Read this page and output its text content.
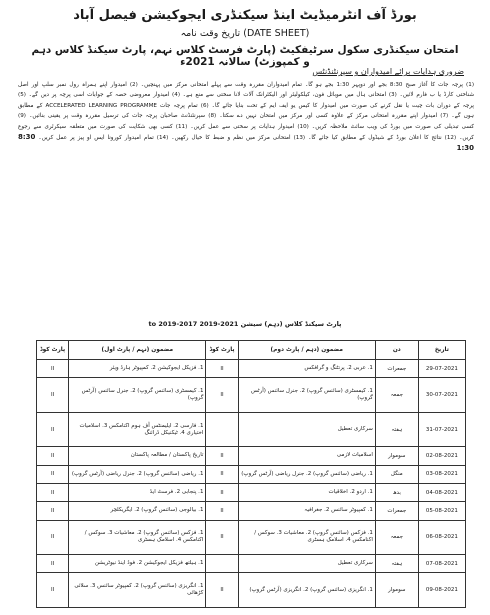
بورڈ آف انٹرمیڈیٹ اینڈ سیکنڈری ایجوکیشن فیصل آباد
(DATE SHEET) تاریخ وقت نامہ
امتحان سیکنڈری سکول سرٹیفکیٹ (پارٹ فرسٹ کلاس نہم، پارٹ سیکنڈ کلاس دہم و کمپوزٹ) سالانہ 2021ء
ضروری ہدایات برائے امیدواران و سپرنٹنڈنٹس
(1) پرچہ جات کا آغاز صبح 8:30 بجے اور دوپہر 1:30 بجے ہو گا۔ تمام امیدواران مقررہ وقت سے پہلے امتحانی مرکز میں پہنچیں۔ (2) امیدوار اپنے ہمراہ رول نمبر سلپ اور اصل شناختی کارڈ یا ب فارم لائیں۔ (3) امتحانی ہال میں موبائل فون، کیلکولیٹر اور الیکٹرانک آلات لانا سختی سے منع ہے۔ (4) امیدوار معروضی حصہ کے جوابات اسی پرچہ پر دیں گے۔ (5) پرچہ کے دوران بات چیت یا نقل کرنے کی صورت میں امیدوار کا کیس یو ایف ایم کے تحت بنایا جائے گا۔ (6) تمام پرچہ جات ACCELERATED LEARNING PROGRAMME کے مطابق ہوں گے۔ (7) امیدوار اپنے مقررہ امتحانی مرکز کے علاوہ کسی اور مرکز میں امتحان نہیں دے سکتا۔ (8) سپرنٹنڈنٹ صاحبان پرچہ جات کی ترسیل مقررہ وقت پر یقینی بنائیں۔ (9) کسی تبدیلی کی صورت میں بورڈ کی ویب سائٹ ملاحظہ کریں۔ (10) امیدوار ہدایات پر سختی سے عمل کریں۔ (11) کسی بھی شکایت کی صورت میں متعلقہ سیکرٹری سے رجوع کریں۔ (12) نتائج کا اعلان بورڈ کے شیڈول کے مطابق کیا جائے گا۔ (13) امتحانی مرکز میں نظم و ضبط کا خیال رکھیں۔ (14) تمام امیدوار کورونا ایس او پیز پر عمل کریں۔ 8:30 1:30
پارٹ سیکنڈ کلاس (دہم) سیشن 2021-2019 to 2019-2017
پارٹ کوڈ	مضمون (نہم / پارٹ اول)	پارٹ کوڈ	مضمون (دہم / پارٹ دوم)	دن	تاریخ
II	1. فزیکل ایجوکیشن 2. کمپیوٹر ہارڈ ویئر	II	1. عربی 2. پرنٹنگ و گرافکس	جمعرات	29-07-2021
II	1. کیمسٹری (سائنس گروپ) 2. جنرل سائنس (آرٹس گروپ)	II	1. کیمسٹری (سائنس گروپ) 2. جنرل سائنس (آرٹس گروپ)	جمعہ	30-07-2021
II	1. فارسی 2. ایلیمنٹس آف ہوم اکنامکس 3. اسلامیات اختیاری 4. ٹیکنیکل ڈرائنگ		سرکاری تعطیل	ہفتہ	31-07-2021
II	تاریخ پاکستان / مطالعہ پاکستان	II	اسلامیات لازمی	سوموار	02-08-2021
II	1. ریاضی (سائنس گروپ) 2. جنرل ریاضی (آرٹس گروپ)	II	1. ریاضی (سائنس گروپ) 2. جنرل ریاضی (آرٹس گروپ)	منگل	03-08-2021
II	1. پنجابی 2. فرسٹ ایڈ	II	1. اردو 2. اخلاقیات	بدھ	04-08-2021
II	1. بیالوجی (سائنس گروپ) 2. ایگریکلچر	II	1. کمپیوٹر سائنس 2. جغرافیہ	جمعرات	05-08-2021
II	1. فزکس (سائنس گروپ) 2. معاشیات 3. سوکس / اکنامکس 4. اسلامک ہسٹری	II	1. فزکس (سائنس گروپ) 2. معاشیات 3. سوکس / اکنامکس 4. اسلامک ہسٹری	جمعہ	06-08-2021
II	1. ہیلتھ فزیکل ایجوکیشن 2. فوڈ اینڈ نیوٹریشن		سرکاری تعطیل	ہفتہ	07-08-2021
II	1. انگریزی (سائنس گروپ) 2. کمپیوٹر سائنس 3. سلائی کڑھائی	II	1. انگریزی (سائنس گروپ) 2. انگریزی (آرٹس گروپ)	سوموار	09-08-2021
